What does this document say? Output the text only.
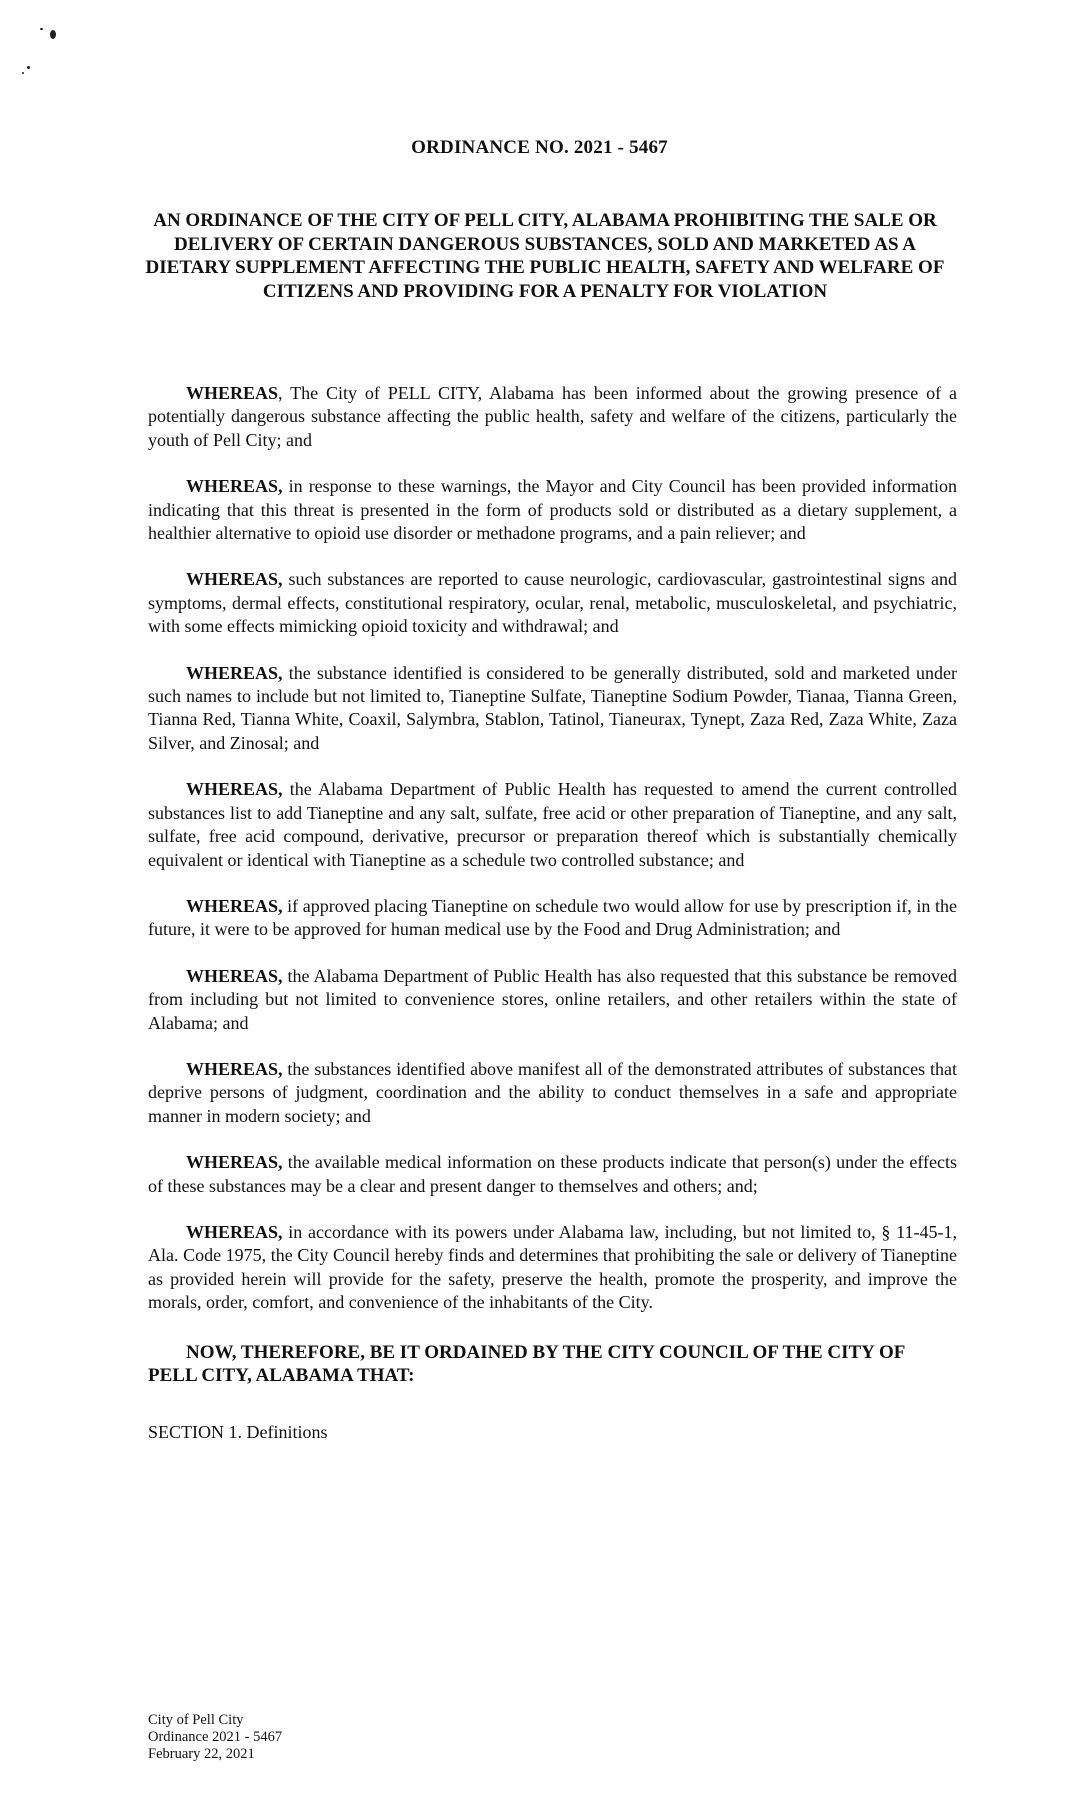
ORDINANCE NO. 2021 - 5467
AN ORDINANCE OF THE CITY OF PELL CITY, ALABAMA PROHIBITING THE SALE OR DELIVERY OF CERTAIN DANGEROUS SUBSTANCES, SOLD AND MARKETED AS A DIETARY SUPPLEMENT AFFECTING THE PUBLIC HEALTH, SAFETY AND WELFARE OF CITIZENS AND PROVIDING FOR A PENALTY FOR VIOLATION

WHEREAS, The City of PELL CITY, Alabama has been informed about the growing presence of a potentially dangerous substance affecting the public health, safety and welfare of the citizens, particularly the youth of Pell City; and

WHEREAS, in response to these warnings, the Mayor and City Council has been provided information indicating that this threat is presented in the form of products sold or distributed as a dietary supplement, a healthier alternative to opioid use disorder or methadone programs, and a pain reliever; and

WHEREAS, such substances are reported to cause neurologic, cardiovascular, gastrointestinal signs and symptoms, dermal effects, constitutional respiratory, ocular, renal, metabolic, musculoskeletal, and psychiatric, with some effects mimicking opioid toxicity and withdrawal; and

WHEREAS, the substance identified is considered to be generally distributed, sold and marketed under such names to include but not limited to, Tianeptine Sulfate, Tianeptine Sodium Powder, Tianaa, Tianna Green, Tianna Red, Tianna White, Coaxil, Salymbra, Stablon, Tatinol, Tianeurax, Tynept, Zaza Red, Zaza White, Zaza Silver, and Zinosal; and

WHEREAS, the Alabama Department of Public Health has requested to amend the current controlled substances list to add Tianeptine and any salt, sulfate, free acid or other preparation of Tianeptine, and any salt, sulfate, free acid compound, derivative, precursor or preparation thereof which is substantially chemically equivalent or identical with Tianeptine as a schedule two controlled substance; and

WHEREAS, if approved placing Tianeptine on schedule two would allow for use by prescription if, in the future, it were to be approved for human medical use by the Food and Drug Administration; and

WHEREAS, the Alabama Department of Public Health has also requested that this substance be removed from including but not limited to convenience stores, online retailers, and other retailers within the state of Alabama; and

WHEREAS, the substances identified above manifest all of the demonstrated attributes of substances that deprive persons of judgment, coordination and the ability to conduct themselves in a safe and appropriate manner in modern society; and

WHEREAS, the available medical information on these products indicate that person(s) under the effects of these substances may be a clear and present danger to themselves and others; and;

WHEREAS, in accordance with its powers under Alabama law, including, but not limited to, § 11-45-1, Ala. Code 1975, the City Council hereby finds and determines that prohibiting the sale or delivery of Tianeptine as provided herein will provide for the safety, preserve the health, promote the prosperity, and improve the morals, order, comfort, and convenience of the inhabitants of the City.

NOW, THEREFORE, BE IT ORDAINED BY THE CITY COUNCIL OF THE CITY OF PELL CITY, ALABAMA THAT:

SECTION 1. Definitions

City of Pell City
Ordinance 2021 - 5467
February 22, 2021
